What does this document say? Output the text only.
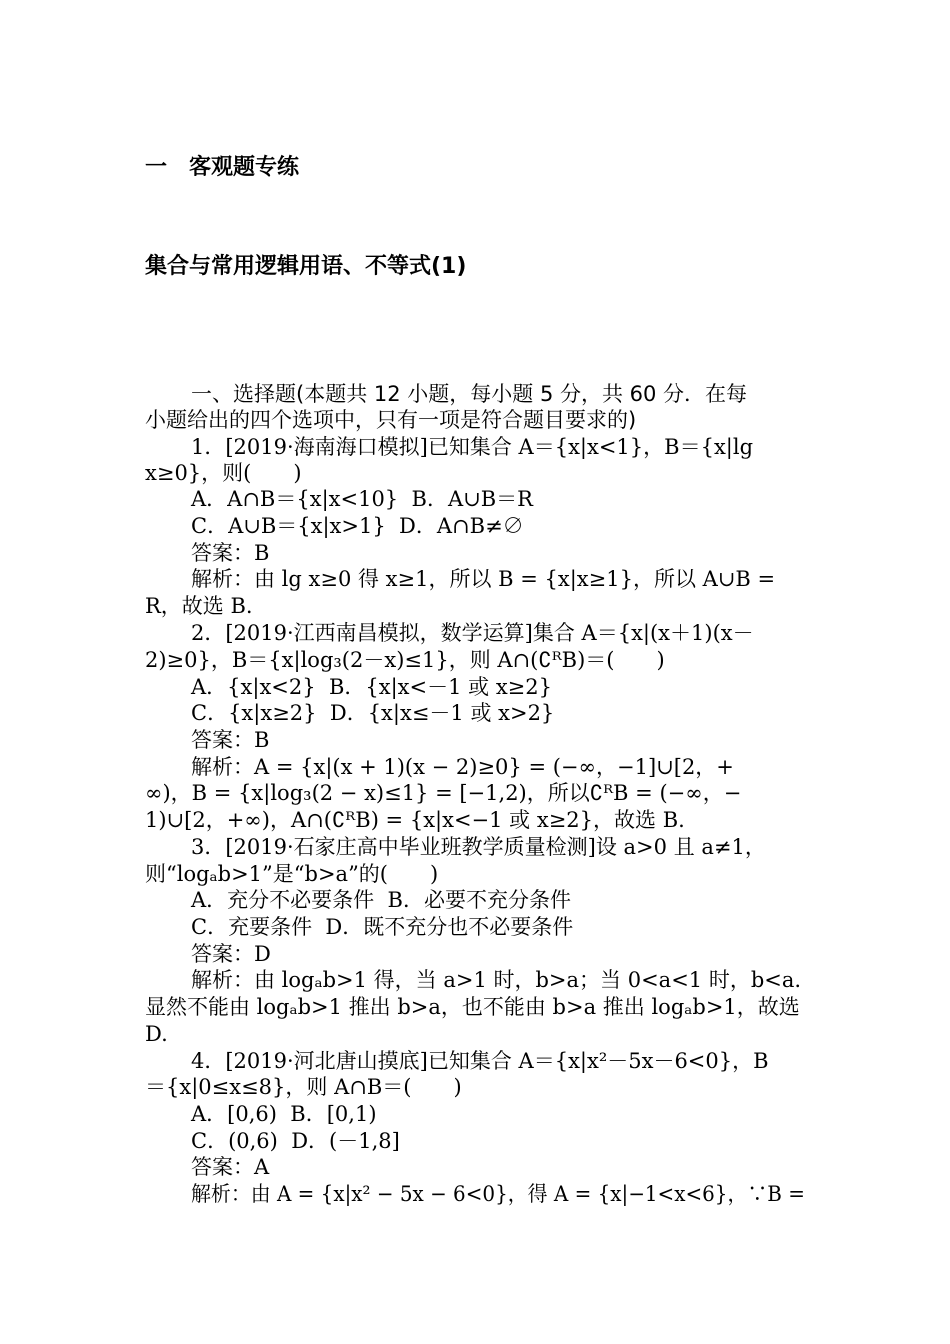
一　客观题专练
集合与常用逻辑用语、不等式(1)
一、选择题(本题共 12 小题，每小题 5 分，共 60 分．在每
小题给出的四个选项中，只有一项是符合题目要求的)
1．[2019·海南海口模拟]已知集合 A＝{x|x<1}，B＝{x|lg
x≥0}，则(　　)
A．A∩B＝{x|x<10}  B．A∪B＝R
C．A∪B＝{x|x>1}  D．A∩B≠∅
答案：B
解析：由 lg x≥0 得 x≥1，所以 B = {x|x≥1}，所以 A∪B =
R，故选 B.
2．[2019·江西南昌模拟，数学运算]集合 A＝{x|(x＋1)(x－
2)≥0}，B＝{x|log₃(2－x)≤1}，则 A∩(∁ᴿB)＝(　　)
A．{x|x<2}  B．{x|x<－1 或 x≥2}
C．{x|x≥2}  D．{x|x≤－1 或 x>2}
答案：B
解析：A = {x|(x + 1)(x − 2)≥0} = (−∞，−1]∪[2，+
∞)，B = {x|log₃(2 − x)≤1} = [−1,2)，所以∁ᴿB = (−∞，−
1)∪[2，+∞)，A∩(∁ᴿB) = {x|x<−1 或 x≥2}，故选 B.
3．[2019·石家庄高中毕业班教学质量检测]设 a>0 且 a≠1，
则“logₐb>1”是“b>a”的(　　)
A．充分不必要条件  B．必要不充分条件
C．充要条件  D．既不充分也不必要条件
答案：D
解析：由 logₐb>1 得，当 a>1 时，b>a；当 0<a<1 时，b<a.
显然不能由 logₐb>1 推出 b>a，也不能由 b>a 推出 logₐb>1，故选
D.
4．[2019·河北唐山摸底]已知集合 A＝{x|x²－5x－6<0}，B
＝{x|0≤x≤8}，则 A∩B＝(　　)
A．[0,6)  B．[0,1)
C．(0,6)  D．(－1,8]
答案：A
解析：由 A = {x|x² − 5x − 6<0}，得 A = {x|−1<x<6}，∵B =
